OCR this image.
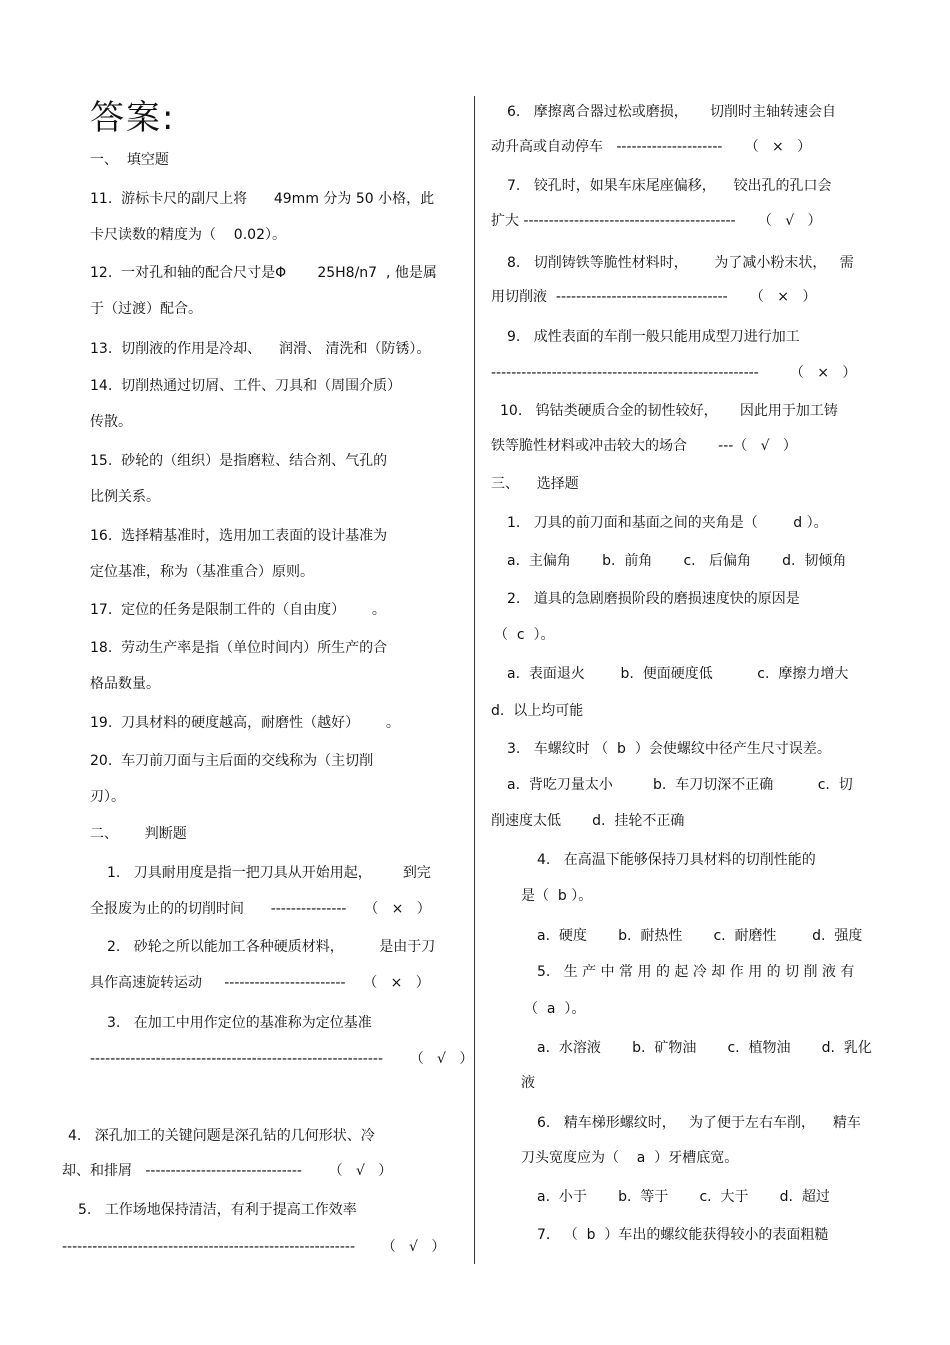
答案:
一、  填空题
11.  游标卡尺的副尺上将      49mm 分为 50 小格，此
卡尺读数的精度为（    0.02）。
12.  一对孔和轴的配合尺寸是Φ       25H8/n7  , 他是属
于（过渡）配合。
13.  切削液的作用是冷却、    润滑、 清洗和（防锈）。
14.  切削热通过切屑、工件、刀具和（周围介质）
传散。
15.  砂轮的（组织）是指磨粒、结合剂、气孔的
比例关系。
16.  选择精基准时，选用加工表面的设计基准为
定位基准，称为（基准重合）原则。
17.  定位的任务是限制工件的（自由度）      。
18.  劳动生产率是指（单位时间内）所生产的合
格品数量。
19.  刀具材料的硬度越高，耐磨性（越好）      。
20.  车刀前刀面与主后面的交线称为（主切削
刃）。
二、      判断题
1.   刀具耐用度是指一把刀具从开始用起，       到完
全报废为止的的切削时间      ---------------    （   ×   ）
2.   砂轮之所以能加工各种硬质材料，        是由于刀
具作高速旋转运动     ------------------------    （   ×   ）
3.   在加工中用作定位的基准称为定位基准
----------------------------------------------------------      （   √   ）
4.   深孔加工的关键问题是深孔钻的几何形状、冷
却、和排屑   -------------------------------      （   √   ）
5.   工作场地保持清洁，有利于提高工作效率
----------------------------------------------------------      （   √   ）
6.   摩擦离合器过松或磨损，     切削时主轴转速会自
动升高或自动停车   ---------------------     （   ×   ）
7.   铰孔时，如果车床尾座偏移，    铰出孔的孔口会
扩大 ------------------------------------------     （   √   ）
8.   切削铸铁等脆性材料时，      为了减小粉末状，   需
用切削液  ----------------------------------     （   ×   ）
9.   成性表面的车削一般只能用成型刀进行加工
-----------------------------------------------------       （   ×   ）
10.   钨钴类硬质合金的韧性较好，     因此用于加工铸
铁等脆性材料或冲击较大的场合       ---（   √   ）
三、    选择题
1.   刀具的前刀面和基面之间的夹角是（        d ）。
a.  主偏角       b.  前角       c.   后偏角       d.  韧倾角
2.   道具的急剧磨损阶段的磨损速度快的原因是
（  c  ）。
a.  表面退火        b.  便面硬度低          c.  摩擦力增大
d.  以上均可能
3.   车螺纹时 （  b  ）会使螺纹中径产生尺寸误差。
a.  背吃刀量太小         b.  车刀切深不正确          c.  切
削速度太低       d.  挂轮不正确
4.   在高温下能够保持刀具材料的切削性能的
是（  b ）。
a.  硬度       b.  耐热性       c.  耐磨性        d.  强度
5.   生 产 中 常 用 的 起 冷 却 作 用 的 切 削 液 有
（  a  ）。
a.  水溶液       b.  矿物油       c.  植物油       d.  乳化
液
6.   精车梯形螺纹时，   为了便于左右车削，    精车
刀头宽度应为（    a  ）牙槽底宽。
a.  小于       b.  等于       c.  大于       d.  超过
7.   （  b  ）车出的螺纹能获得较小的表面粗糙
